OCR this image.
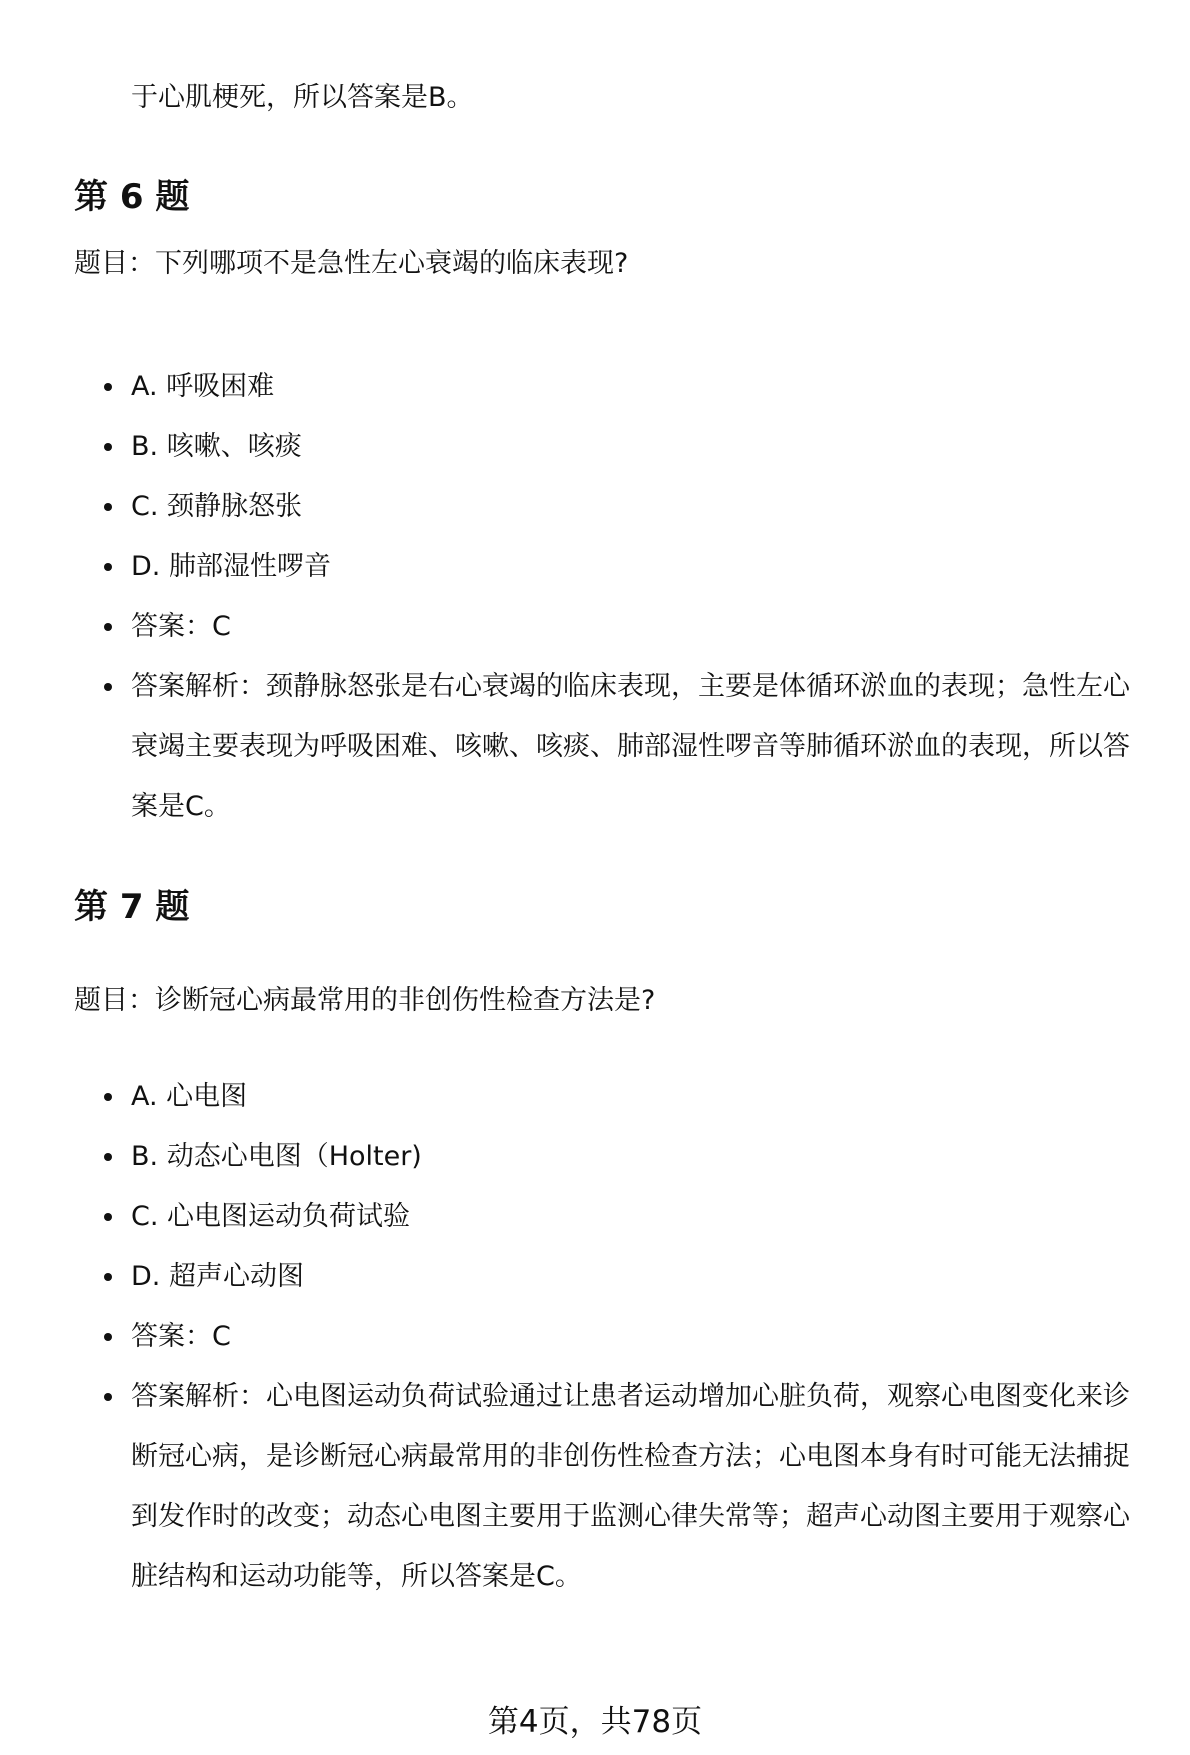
于心肌梗死，所以答案是B。
第 6 题
题目：下列哪项不是急性左心衰竭的临床表现?
A. 呼吸困难
B. 咳嗽、咳痰
C. 颈静脉怒张
D. 肺部湿性啰音
答案：C
答案解析：颈静脉怒张是右心衰竭的临床表现，主要是体循环淤血的表现；急性左心衰竭主要表现为呼吸困难、咳嗽、咳痰、肺部湿性啰音等肺循环淤血的表现，所以答案是C。
第 7 题
题目：诊断冠心病最常用的非创伤性检查方法是?
A. 心电图
B. 动态心电图（Holter)
C. 心电图运动负荷试验
D. 超声心动图
答案：C
答案解析：心电图运动负荷试验通过让患者运动增加心脏负荷，观察心电图变化来诊断冠心病，是诊断冠心病最常用的非创伤性检查方法；心电图本身有时可能无法捕捉到发作时的改变；动态心电图主要用于监测心律失常等；超声心动图主要用于观察心脏结构和运动功能等，所以答案是C。
第4页，共78页
